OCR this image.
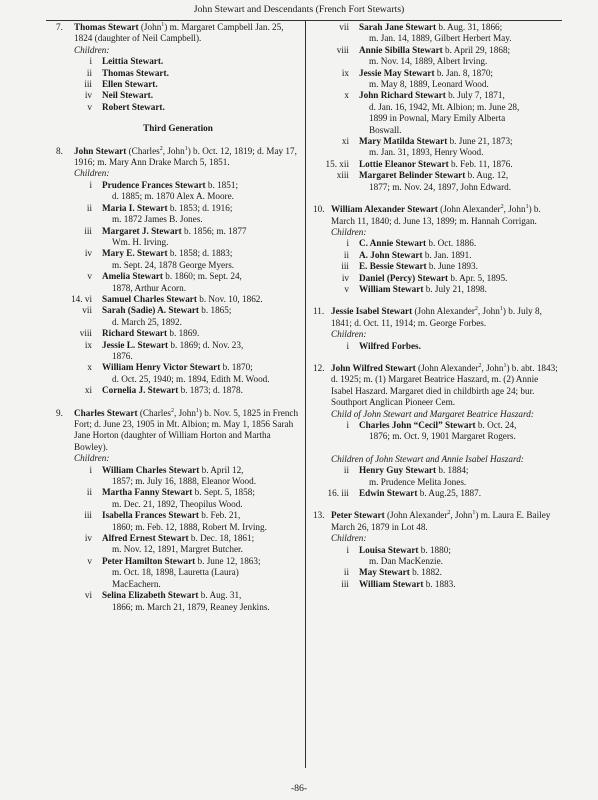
John Stewart and Descendants (French Fort Stewarts)
7. Thomas Stewart (John$^1$) m. Margaret Campbell Jan. 25, 1824 (daughter of Neil Campbell).
Children:
i Leittia Stewart.
ii Thomas Stewart.
iii Ellen Stewart.
iv Neil Stewart.
v Robert Stewart.
Third Generation
8. John Stewart (Charles$^2$, John$^1$) b. Oct. 12, 1819; d. May 17, 1916; m. Mary Ann Drake March 5, 1851.
Children:
i Prudence Frances Stewart b. 1851;
d. 1885; m. 1870 Alex A. Moore.
ii Maria I. Stewart b. 1853; d. 1916;
m. 1872 James B. Jones.
iii Margaret J. Stewart b. 1856; m. 1877
Wm. H. Irving.
iv Mary E. Stewart b. 1858; d. 1883;
m. Sept. 24, 1878 George Myers.
v Amelia Stewart b. 1860; m. Sept. 24,
1878, Arthur Acorn.
14. vi Samuel Charles Stewart b. Nov. 10, 1862.
vii Sarah (Sadie) A. Stewart b. 1865;
d. March 25, 1892.
viii Richard Stewart b. 1869.
ix Jessie L. Stewart b. 1869; d. Nov. 23,
1876.
x William Henry Victor Stewart b. 1870;
d. Oct. 25, 1940; m. 1894, Edith M. Wood.
xi Cornelia J. Stewart b. 1873; d. 1878.
9. Charles Stewart (Charles$^2$, John$^1$) b. Nov. 5, 1825 in French Fort; d. June 23, 1905 in Mt. Albion; m. May 1, 1856 Sarah Jane Horton (daughter of William Horton and Martha Bowley).
Children:
i William Charles Stewart b. April 12,
1857; m. July 16, 1888, Eleanor Wood.
ii Martha Fanny Stewart b. Sept. 5, 1858;
m. Dec. 21, 1892, Theopilus Wood.
iii Isabella Frances Stewart b. Feb. 21,
1860; m. Feb. 12, 1888, Robert M. Irving.
iv Alfred Ernest Stewart b. Dec. 18, 1861;
m. Nov. 12, 1891, Margret Butcher.
v Peter Hamilton Stewart b. June 12, 1863;
m. Oct. 18, 1898, Lauretta (Laura)
MacEachern.
vi Selina Elizabeth Stewart b. Aug. 31,
1866; m. March 21, 1879, Reaney Jenkins.
vii Sarah Jane Stewart b. Aug. 31, 1866;
m. Jan. 14, 1889, Gilbert Herbert May.
viii Annie Sibilla Stewart b. April 29, 1868;
m. Nov. 14, 1889, Albert Irving.
ix Jessie May Stewart b. Jan. 8, 1870;
m. May 8, 1889, Leonard Wood.
x John Richard Stewart b. July 7, 1871,
d. Jan. 16, 1942, Mt. Albion; m. June 28,
1899 in Pownal, Mary Emily Alberta
Boswall.
xi Mary Matilda Stewart b. June 21, 1873;
m. Jan. 31, 1893, Henry Wood.
15. xii Lottie Eleanor Stewart b. Feb. 11, 1876.
xiii Margaret Belinder Stewart b. Aug. 12,
1877; m. Nov. 24, 1897, John Edward.
10. William Alexander Stewart (John Alexander$^2$, John$^1$) b. March 11, 1840; d. June 13, 1899; m. Hannah Corrigan.
Children:
i C. Annie Stewart b. Oct. 1886.
ii A. John Stewart b. Jan. 1891.
iii E. Bessie Stewart b. June 1893.
iv Daniel (Percy) Stewart b. Apr. 5, 1895.
v William Stewart b. July 21, 1898.
11. Jessie Isabel Stewart (John Alexander$^2$, John$^1$) b. July 8, 1841; d. Oct. 11, 1914; m. George Forbes.
Children:
i Wilfred Forbes.
12. John Wilfred Stewart (John Alexander$^2$, John$^1$) b. abt. 1843; d. 1925; m. (1) Margaret Beatrice Haszard, m. (2) Annie Isabel Haszard. Margaret died in childbirth age 24; bur. Southport Anglican Pioneer Cem.
Child of John Stewart and Margaret Beatrice Haszard:
i Charles John “Cecil” Stewart b. Oct. 24,
1876; m. Oct. 9, 1901 Margaret Rogers.
Children of John Stewart and Annie Isabel Haszard:
ii Henry Guy Stewart b. 1884;
m. Prudence Melita Jones.
16. iii Edwin Stewart b. Aug.25, 1887.
13. Peter Stewart (John Alexander$^2$, John$^1$) m. Laura E. Bailey March 26, 1879 in Lot 48.
Children:
i Louisa Stewart b. 1880;
m. Dan MacKenzie.
ii May Stewart b. 1882.
iii William Stewart b. 1883.
-86-
